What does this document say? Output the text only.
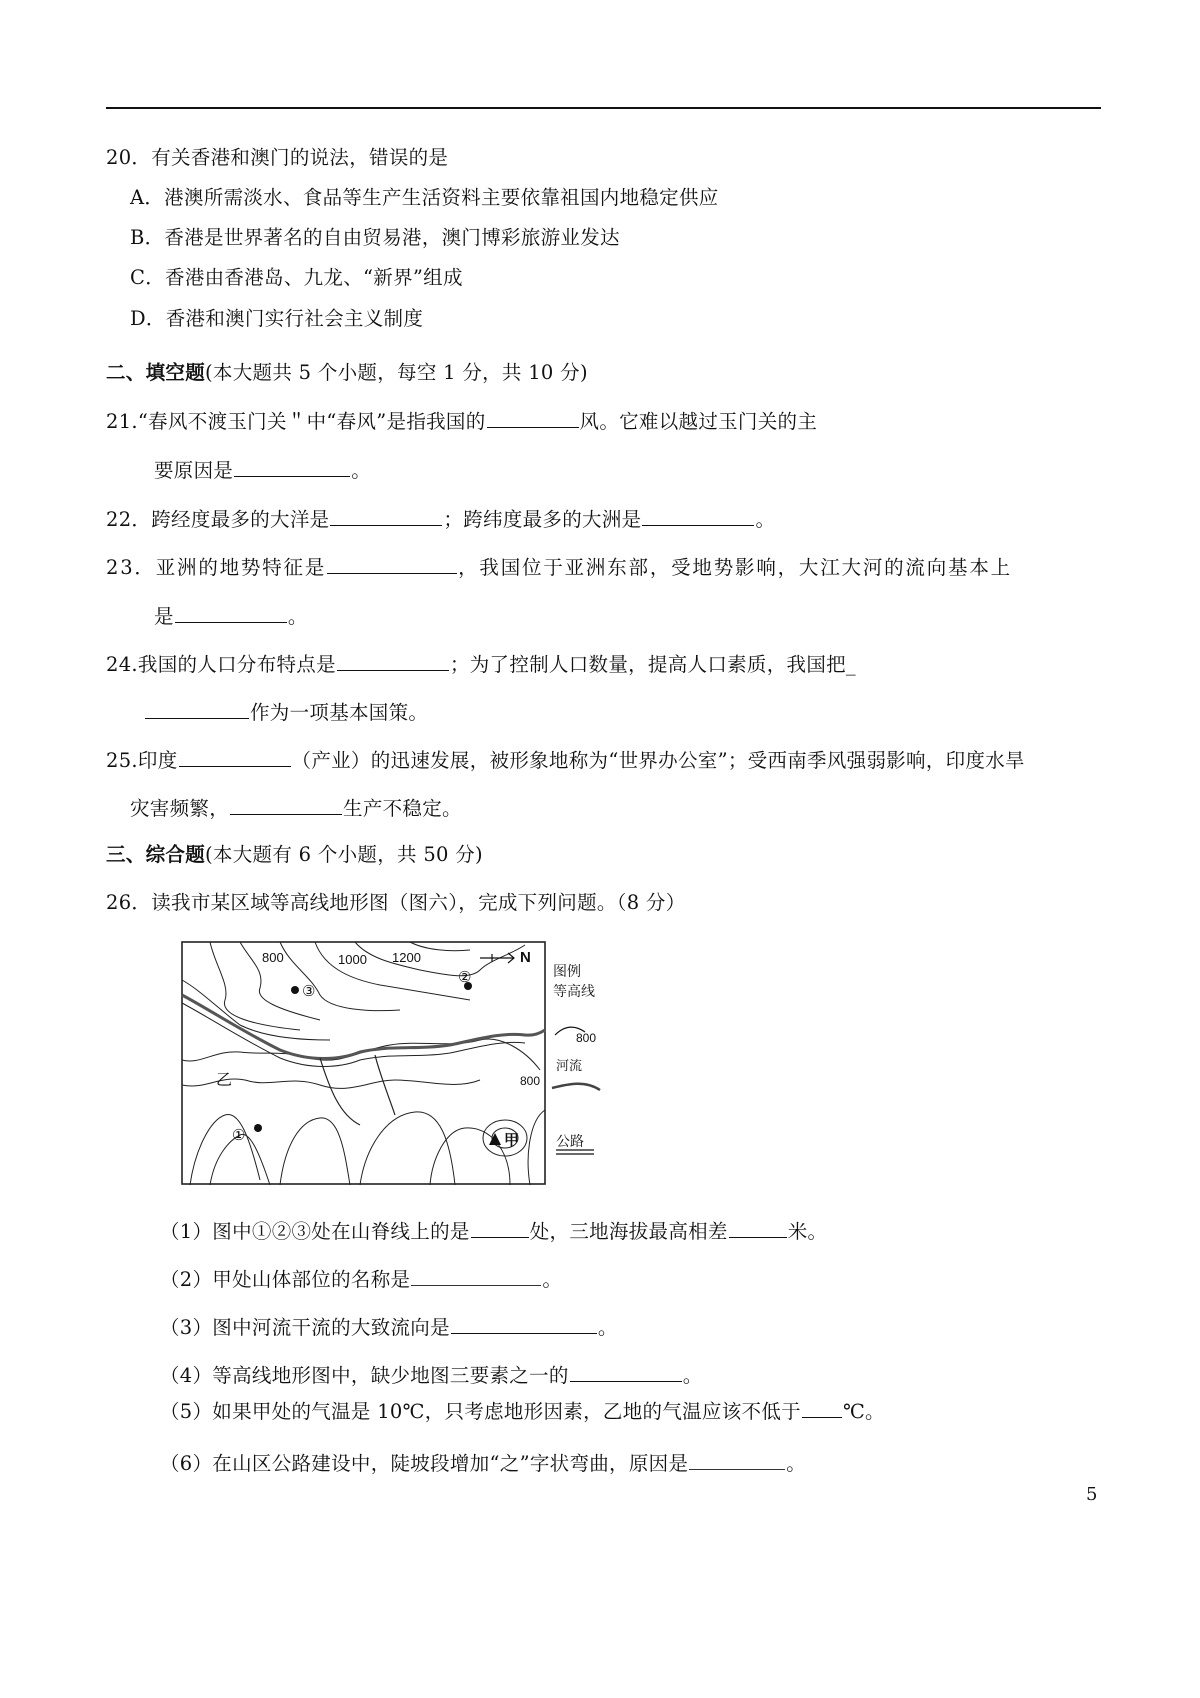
20．有关香港和澳门的说法，错误的是
A．港澳所需淡水、食品等生产生活资料主要依靠祖国内地稳定供应
B．香港是世界著名的自由贸易港，澳门博彩旅游业发达
C．香港由香港岛、九龙、“新界”组成
D．香港和澳门实行社会主义制度
二、填空题(本大题共 5 个小题，每空 1 分，共 10 分)
21.“春风不渡玉门关＂中“春风”是指我国的	风。它难以越过玉门关的主
要原因是	。
22．跨经度最多的大洋是	；跨纬度最多的大洲是	。
23．亚洲的地势特征是	，我国位于亚洲东部，受地势影响，大江大河的流向基本上
是	。
24.我国的人口分布特点是	；为了控制人口数量，提高人口素质，我国把_
作为一项基本国策。
25.印度	（产业）的迅速发展，被形象地称为“世界办公室”；受西南季风强弱影响，印度水旱
灾害频繁，	生产不稳定。
三、综合题(本大题有 6 个小题，共 50 分)
26．读我市某区域等高线地形图（图六），完成下列问题。（8 分）
800	1000 1200	N
图例
等高线
800
河流
公路
800
乙
甲
①
②
③
（1）图中①②③处在山脊线上的是	处，三地海拔最高相差	米。
（2）甲处山体部位的名称是	。
（3）图中河流干流的大致流向是	。
（4）等高线地形图中，缺少地图三要素之一的	。
（5）如果甲处的气温是 10℃，只考虑地形因素，乙地的气温应该不低于 ℃。
（6）在山区公路建设中，陡坡段增加“之”字状弯曲，原因是	。
5
